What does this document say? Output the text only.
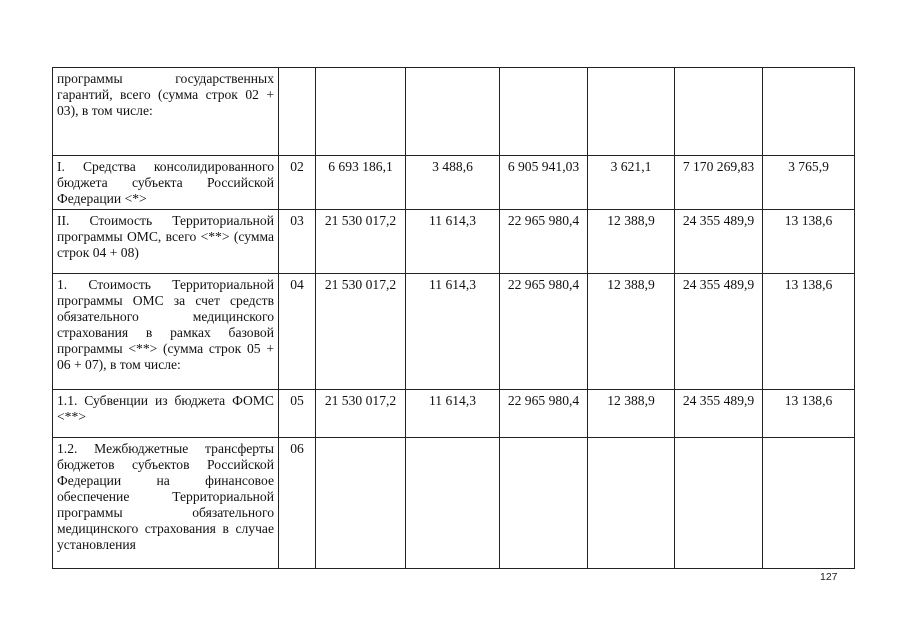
программы государственных гарантий, всего (сумма строк 02 + 03), в том числе:							
I. Средства консолидированного бюджета субъекта Российской Федерации <*>	02	6 693 186,1	3 488,6	6 905 941,03	3 621,1	7 170 269,83	3 765,9
II. Стоимость Территориальной программы ОМС, всего <**> (сумма строк 04 + 08)	03	21 530 017,2	11 614,3	22 965 980,4	12 388,9	24 355 489,9	13 138,6
1. Стоимость Территориальной программы ОМС за счет средств обязательного медицинского страхования в рамках базовой программы <**> (сумма строк 05 + 06 + 07), в том числе:	04	21 530 017,2	11 614,3	22 965 980,4	12 388,9	24 355 489,9	13 138,6
1.1. Субвенции из бюджета ФОМС <**>	05	21 530 017,2	11 614,3	22 965 980,4	12 388,9	24 355 489,9	13 138,6
1.2. Межбюджетные трансферты бюджетов субъектов Российской Федерации на финансовое обеспечение Территориальной программы обязательного медицинского страхования в случае установления	06						
127
